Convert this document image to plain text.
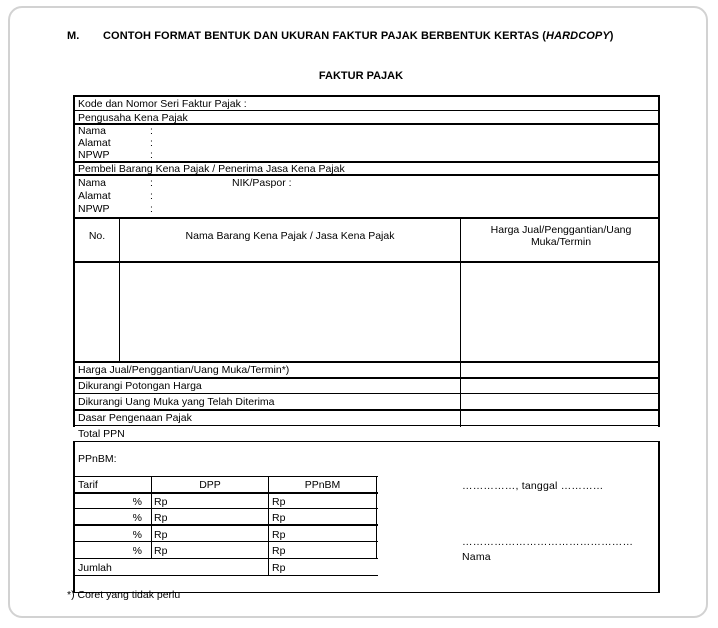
M. CONTOH FORMAT BENTUK DAN UKURAN FAKTUR PAJAK BERBENTUK KERTAS (HARDCOPY)
FAKTUR PAJAK
Kode dan Nomor Seri Faktur Pajak :
Pengusaha Kena Pajak
Nama	:
Alamat	:
NPWP	:
Pembeli Barang Kena Pajak / Penerima Jasa Kena Pajak
Nama	:	NIK/Paspor :
Alamat	:
NPWP	:
No.	Nama Barang Kena Pajak / Jasa Kena Pajak	Harga Jual/Penggantian/Uang Muka/Termin
Harga Jual/Penggantian/Uang Muka/Termin*)
Dikurangi Potongan Harga
Dikurangi Uang Muka yang Telah Diterima
Dasar Pengenaan Pajak
Total PPN
PPnBM:
Tarif	DPP	PPnBM
% Rp	Rp
% Rp	Rp
% Rp	Rp
% Rp	Rp
Jumlah	Rp
……………, tanggal …………
…………………………………………
Nama
*) Coret yang tidak perlu
